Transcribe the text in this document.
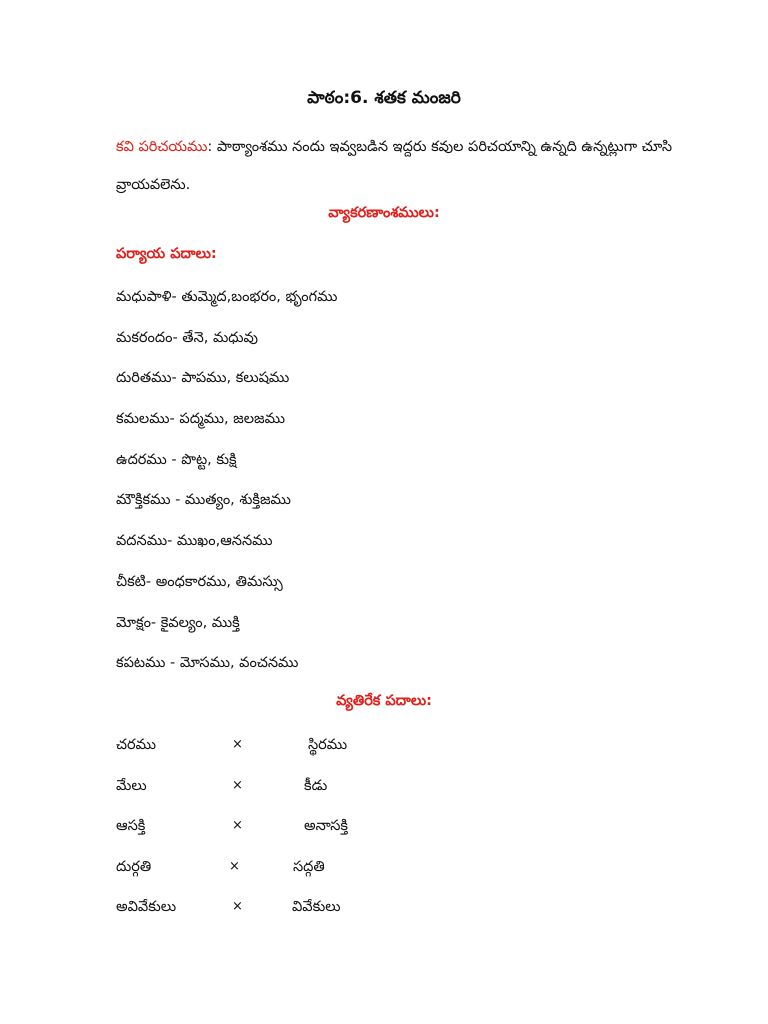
పాఠం:6. శతక మంజరి
కవి పరిచయము: పాఠ్యాంశము నందు ఇవ్వబడిన ఇద్దరు కవుల పరిచయాన్ని ఉన్నది ఉన్నట్లుగా చూసి వ్రాయవలెను.
వ్యాకరణాంశములు:
పర్యాయ పదాలు:
మధుపాళి- తుమ్మెద,బంభరం, భృంగము
మకరందం- తేనె, మధువు
దురితము- పాపము, కలుషము
కమలము- పద్మము, జలజము
ఉదరము - పొట్ట, కుక్షి
మౌక్తికము - ముత్యం, శుక్తిజము
వదనము- ముఖం,ఆననము
చీకటి- అంధకారము, తిమస్సు
మోక్షం- కైవల్యం, ముక్తి
కపటము - మోసము, వంచనము
వ్యతిరేక పదాలు:
చరము	×	స్థిరము
మేలు	×	కీడు
ఆసక్తి	×	అనాసక్తి
దుర్గతి	×	సద్గతి
అవివేకులు	×	వివేకులు
